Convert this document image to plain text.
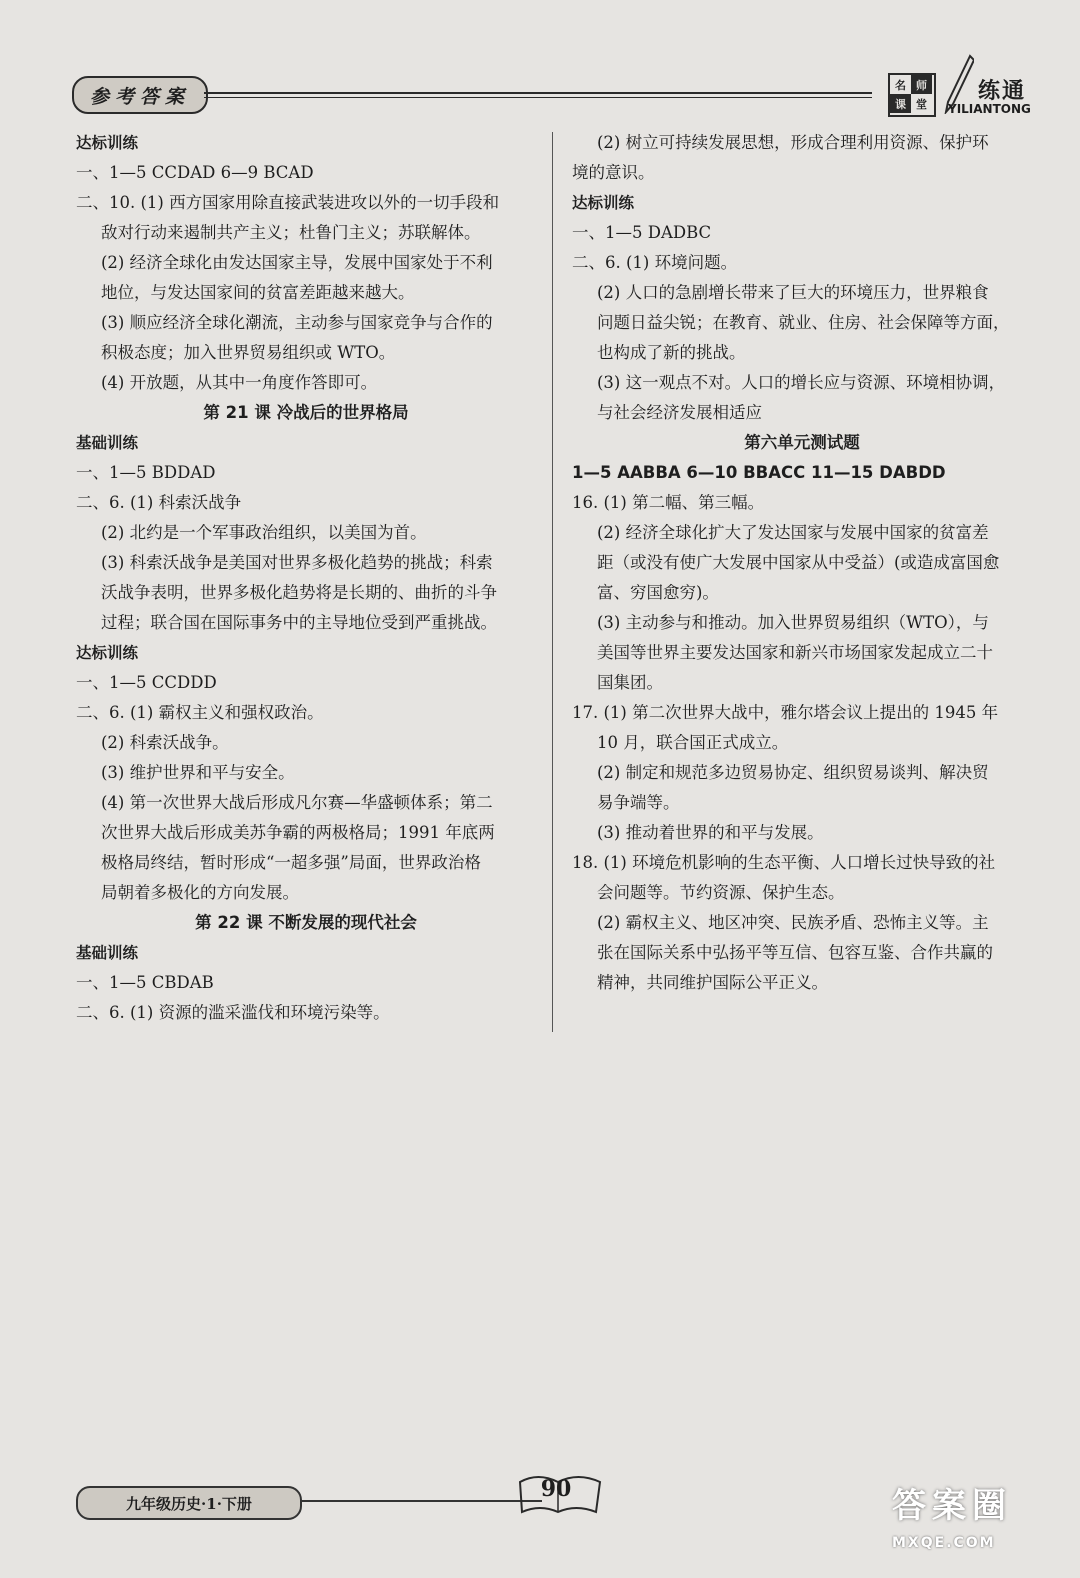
参考答案
名 师
课 堂 练通
YILIANTONG
达标训练
一、1—5 CCDAD 6—9 BCAD
二、10. (1) 西方国家用除直接武装进攻以外的一切手段和
敌对行动来遏制共产主义；杜鲁门主义；苏联解体。
(2) 经济全球化由发达国家主导，发展中国家处于不利
地位，与发达国家间的贫富差距越来越大。
(3) 顺应经济全球化潮流，主动参与国家竞争与合作的
积极态度；加入世界贸易组织或 WTO。
(4) 开放题，从其中一角度作答即可。
第 21 课 冷战后的世界格局
基础训练
一、1—5 BDDAD
二、6. (1) 科索沃战争
(2) 北约是一个军事政治组织，以美国为首。
(3) 科索沃战争是美国对世界多极化趋势的挑战；科索
沃战争表明，世界多极化趋势将是长期的、曲折的斗争
过程；联合国在国际事务中的主导地位受到严重挑战。
达标训练
一、1—5 CCDDD
二、6. (1) 霸权主义和强权政治。
(2) 科索沃战争。
(3) 维护世界和平与安全。
(4) 第一次世界大战后形成凡尔赛—华盛顿体系；第二
次世界大战后形成美苏争霸的两极格局；1991 年底两
极格局终结，暂时形成“一超多强”局面，世界政治格
局朝着多极化的方向发展。
第 22 课 不断发展的现代社会
基础训练
一、1—5 CBDAB
二、6. (1) 资源的滥采滥伐和环境污染等。
(2) 树立可持续发展思想，形成合理利用资源、保护环
境的意识。
达标训练
一、1—5 DADBC
二、6. (1) 环境问题。
(2) 人口的急剧增长带来了巨大的环境压力，世界粮食
问题日益尖锐；在教育、就业、住房、社会保障等方面，
也构成了新的挑战。
(3) 这一观点不对。人口的增长应与资源、环境相协调，
与社会经济发展相适应
第六单元测试题
1—5 AABBA 6—10 BBACC 11—15 DABDD
16. (1) 第二幅、第三幅。
(2) 经济全球化扩大了发达国家与发展中国家的贫富差
距（或没有使广大发展中国家从中受益）(或造成富国愈
富、穷国愈穷)。
(3) 主动参与和推动。加入世界贸易组织（WTO），与
美国等世界主要发达国家和新兴市场国家发起成立二十
国集团。
17. (1) 第二次世界大战中，雅尔塔会议上提出的 1945 年
10 月，联合国正式成立。
(2) 制定和规范多边贸易协定、组织贸易谈判、解决贸
易争端等。
(3) 推动着世界的和平与发展。
18. (1) 环境危机影响的生态平衡、人口增长过快导致的社
会问题等。节约资源、保护生态。
(2) 霸权主义、地区冲突、民族矛盾、恐怖主义等。主
张在国际关系中弘扬平等互信、包容互鉴、合作共赢的
精神，共同维护国际公平正义。
九年级历史·1·下册
90	答案圈
MXQE.COM
